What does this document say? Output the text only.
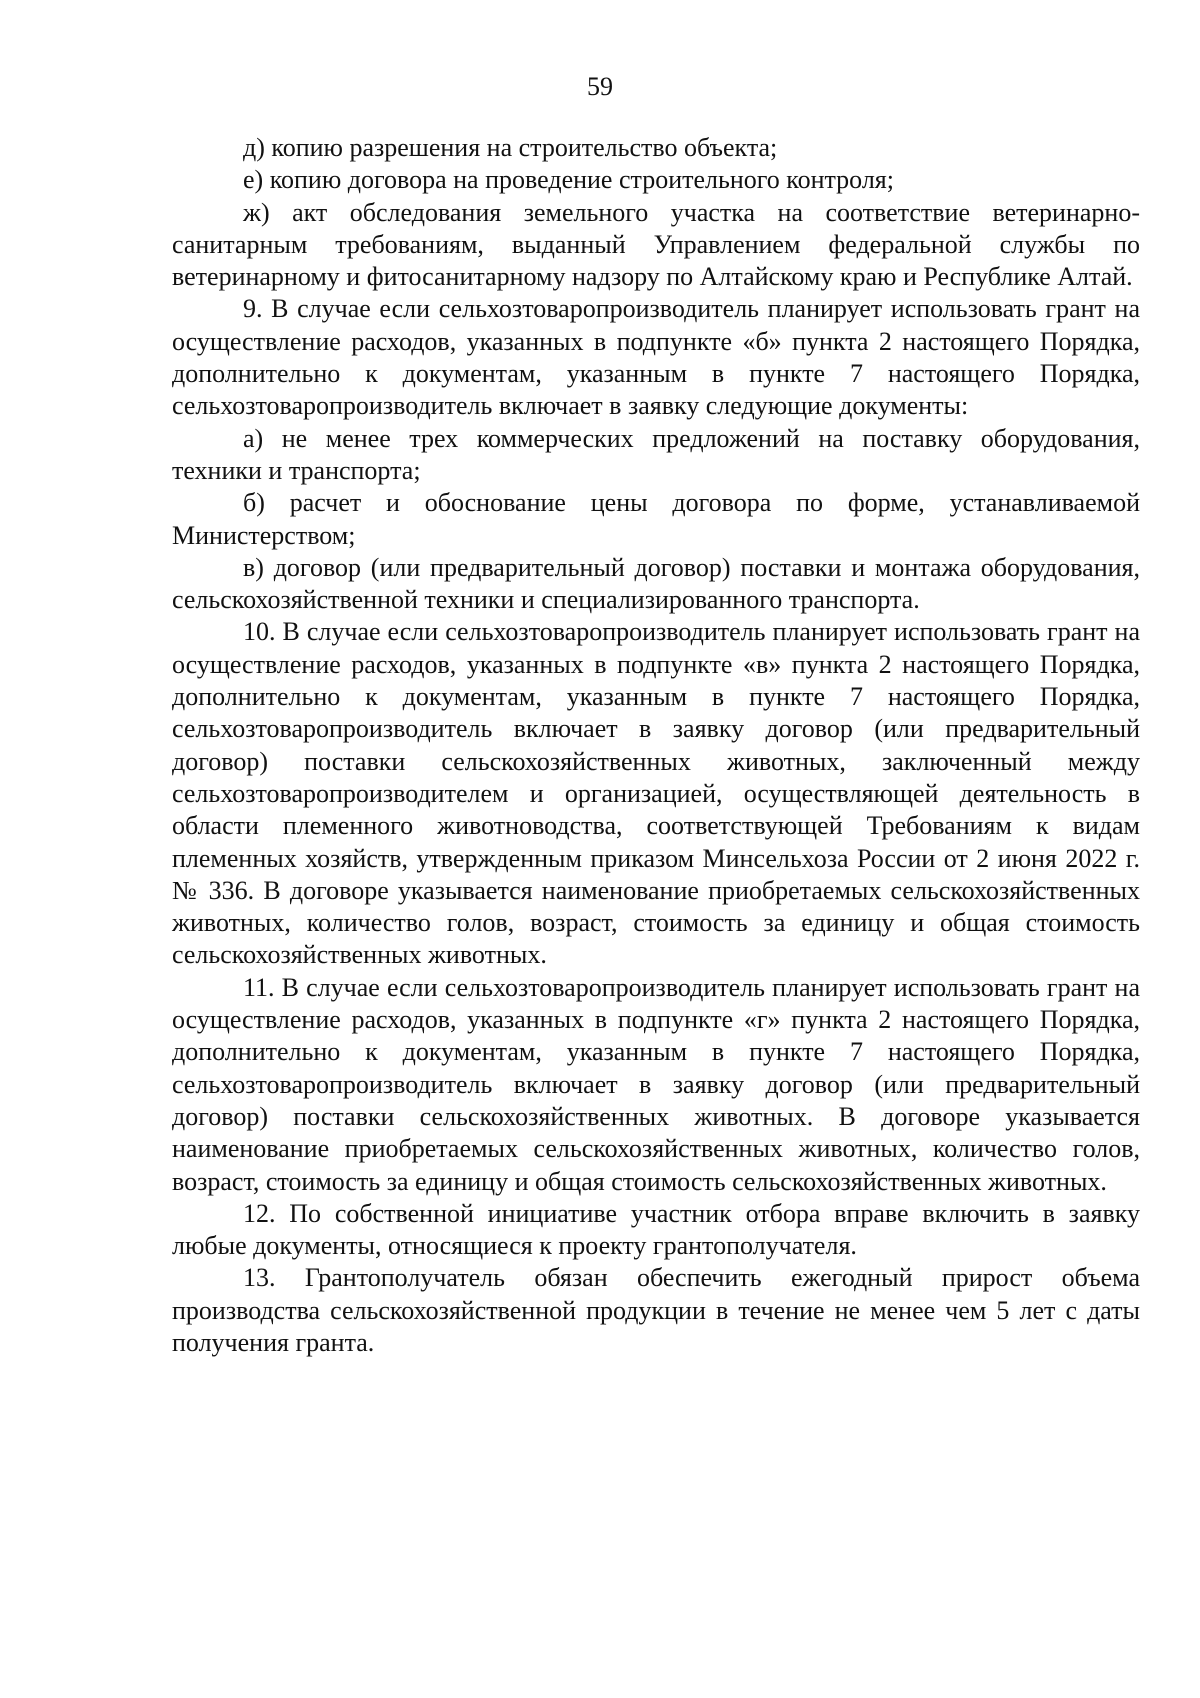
59

д) копию разрешения на строительство объекта;

е) копию договора на проведение строительного контроля;

ж) акт обследования земельного участка на соответствие ветеринарно-санитарным требованиям, выданный Управлением федеральной службы по ветеринарному и фитосанитарному надзору по Алтайскому краю и Республике Алтай.

9. В случае если сельхозтоваропроизводитель планирует использовать грант на осуществление расходов, указанных в подпункте «б» пункта 2 настоящего Порядка, дополнительно к документам, указанным в пункте 7 настоящего Порядка, сельхозтоваропроизводитель включает в заявку следующие документы:

а) не менее трех коммерческих предложений на поставку оборудования, техники и транспорта;

б) расчет и обоснование цены договора по форме, устанавливаемой Министерством;

в) договор (или предварительный договор) поставки и монтажа оборудования, сельскохозяйственной техники и специализированного транспорта.

10. В случае если сельхозтоваропроизводитель планирует использовать грант на осуществление расходов, указанных в подпункте «в» пункта 2 настоящего Порядка, дополнительно к документам, указанным в пункте 7 настоящего Порядка, сельхозтоваропроизводитель включает в заявку договор (или предварительный договор) поставки сельскохозяйственных животных, заключенный между сельхозтоваропроизводителем и организацией, осуществляющей деятельность в области племенного животноводства, соответствующей Требованиям к видам племенных хозяйств, утвержденным приказом Минсельхоза России от 2 июня 2022 г. № 336. В договоре указывается наименование приобретаемых сельскохозяйственных животных, количество голов, возраст, стоимость за единицу и общая стоимость сельскохозяйственных животных.

11. В случае если сельхозтоваропроизводитель планирует использовать грант на осуществление расходов, указанных в подпункте «г» пункта 2 настоящего Порядка, дополнительно к документам, указанным в пункте 7 настоящего Порядка, сельхозтоваропроизводитель включает в заявку договор (или предварительный договор) поставки сельскохозяйственных животных. В договоре указывается наименование приобретаемых сельскохозяйственных животных, количество голов, возраст, стоимость за единицу и общая стоимость сельскохозяйственных животных.

12. По собственной инициативе участник отбора вправе включить в заявку любые документы, относящиеся к проекту грантополучателя.

13. Грантополучатель обязан обеспечить ежегодный прирост объема производства сельскохозяйственной продукции в течение не менее чем 5 лет с даты получения гранта.
